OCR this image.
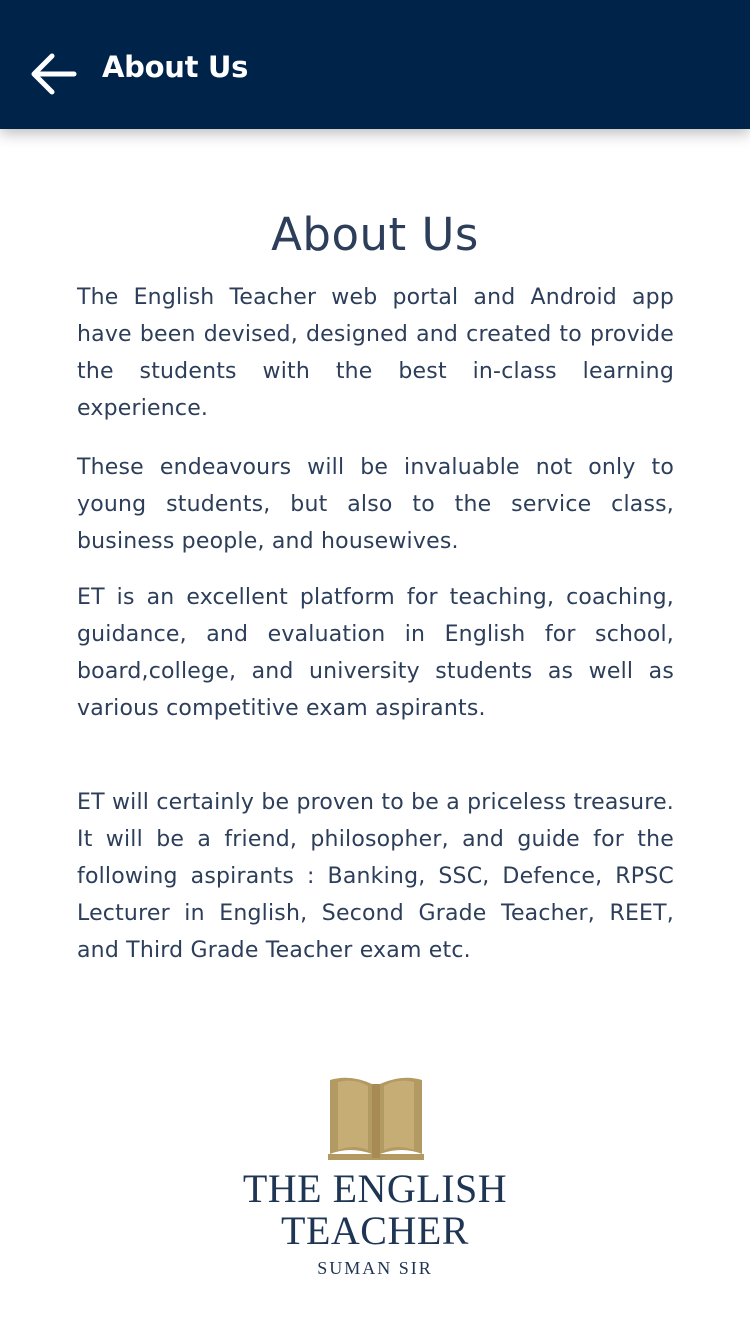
About Us
About Us

The English Teacher web portal and Android app have been devised, designed and created to provide the students with the best in-class learning experience.

These endeavours will be invaluable not only to young students, but also to the service class, business people, and housewives.

ET is an excellent platform for teaching, coaching, guidance, and evaluation in English for school, board,college, and university students as well as various competitive exam aspirants.

ET will certainly be proven to be a priceless treasure. It will be a friend, philosopher, and guide for the following aspirants : Banking, SSC, Defence, RPSC Lecturer in English, Second Grade Teacher, REET, and Third Grade Teacher exam etc.

THE ENGLISH
TEACHER
SUMAN SIR
